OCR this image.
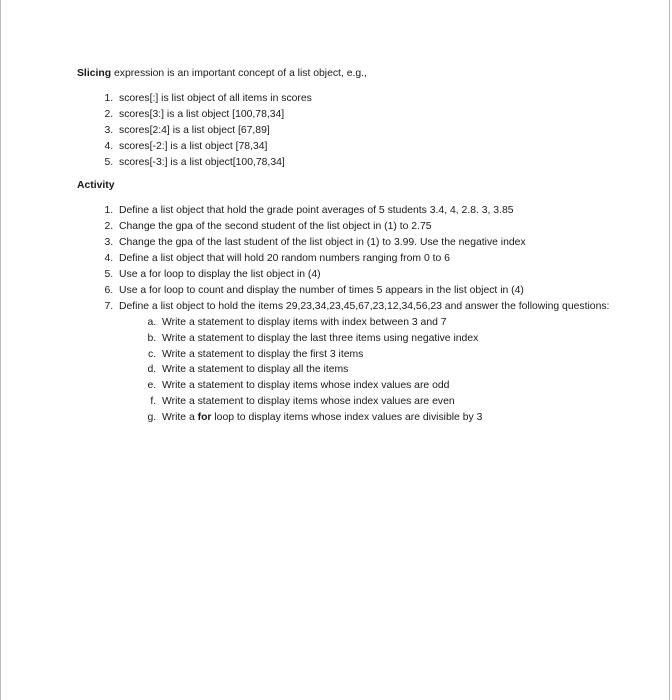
Slicing expression is an important concept of a list object, e.g.,

1. scores[:] is list object of all items in scores
2. scores[3:] is a list object [100,78,34]
3. scores[2:4] is a list object [67,89]
4. scores[-2:] is a list object [78,34]
5. scores[-3:] is a list object[100,78,34]
Activity
1. Define a list object that hold the grade point averages of 5 students 3.4, 4, 2.8. 3, 3.85
2. Change the gpa of the second student of the list object in (1) to 2.75
3. Change the gpa of the last student of the list object in (1) to 3.99. Use the negative index
4. Define a list object that will hold 20 random numbers ranging from 0 to 6
5. Use a for loop to display the list object in (4)
6. Use a for loop to count and display the number of times 5 appears in the list object in (4)
7. Define a list object to hold the items 29,23,34,23,45,67,23,12,34,56,23 and answer the following questions:
a. Write a statement to display items with index between 3 and 7
b. Write a statement to display the last three items using negative index
c. Write a statement to display the first 3 items
d. Write a statement to display all the items
e. Write a statement to display items whose index values are odd
f. Write a statement to display items whose index values are even
g. Write a for loop to display items whose index values are divisible by 3
